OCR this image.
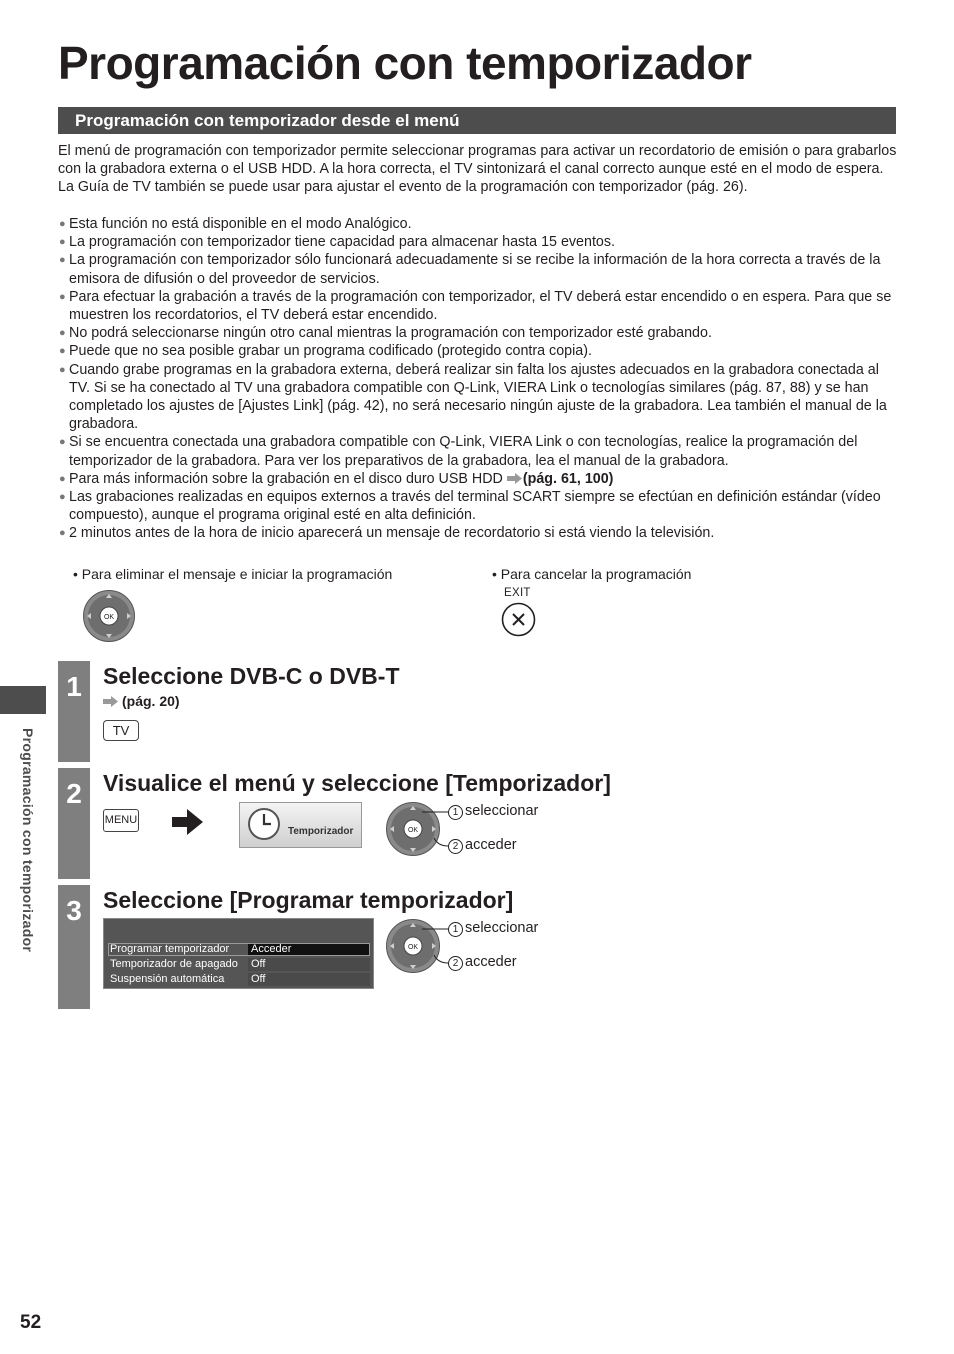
Programación con temporizador
Programación con temporizador desde el menú
El menú de programación con temporizador permite seleccionar programas para activar un recordatorio de emisión o para grabarlos con la grabadora externa o el USB HDD. A la hora correcta, el TV sintonizará el canal correcto aunque esté en el modo de espera.
La Guía de TV también se puede usar para ajustar el evento de la programación con temporizador (pág. 26).
● Esta función no está disponible en el modo Analógico.
● La programación con temporizador tiene capacidad para almacenar hasta 15 eventos.
● La programación con temporizador sólo funcionará adecuadamente si se recibe la información de la hora correcta a través de la emisora de difusión o del proveedor de servicios.
● Para efectuar la grabación a través de la programación con temporizador, el TV deberá estar encendido o en espera. Para que se muestren los recordatorios, el TV deberá estar encendido.
● No podrá seleccionarse ningún otro canal mientras la programación con temporizador esté grabando.
● Puede que no sea posible grabar un programa codificado (protegido contra copia).
● Cuando grabe programas en la grabadora externa, deberá realizar sin falta los ajustes adecuados en la grabadora conectada al TV. Si se ha conectado al TV una grabadora compatible con Q-Link, VIERA Link o tecnologías similares (pág. 87, 88) y se han completado los ajustes de [Ajustes Link] (pág. 42), no será necesario ningún ajuste de la grabadora. Lea también el manual de la grabadora.
● Si se encuentra conectada una grabadora compatible con Q-Link, VIERA Link o con tecnologías, realice la programación del temporizador de la grabadora. Para ver los preparativos de la grabadora, lea el manual de la grabadora.
● Para más información sobre la grabación en el disco duro USB HDD (pág. 61, 100)
● Las grabaciones realizadas en equipos externos a través del terminal SCART siempre se efectúan en definición estándar (vídeo compuesto), aunque el programa original esté en alta definición.
● 2 minutos antes de la hora de inicio aparecerá un mensaje de recordatorio si está viendo la televisión.
• Para eliminar el mensaje e iniciar la programación	• Para cancelar la programación
OK
EXIT
Programación con temporizador
1 Seleccione DVB-C o DVB-T
(pág. 20)
TV
2 Visualice el menú y seleccione [Temporizador]
MENU
Temporizador	OK
1 seleccionar
2 acceder
3 Seleccione [Programar temporizador]
Programar temporizador Acceder
Temporizador de apagado Off
Suspensión automática Off
OK
1 seleccionar
2 acceder
52
